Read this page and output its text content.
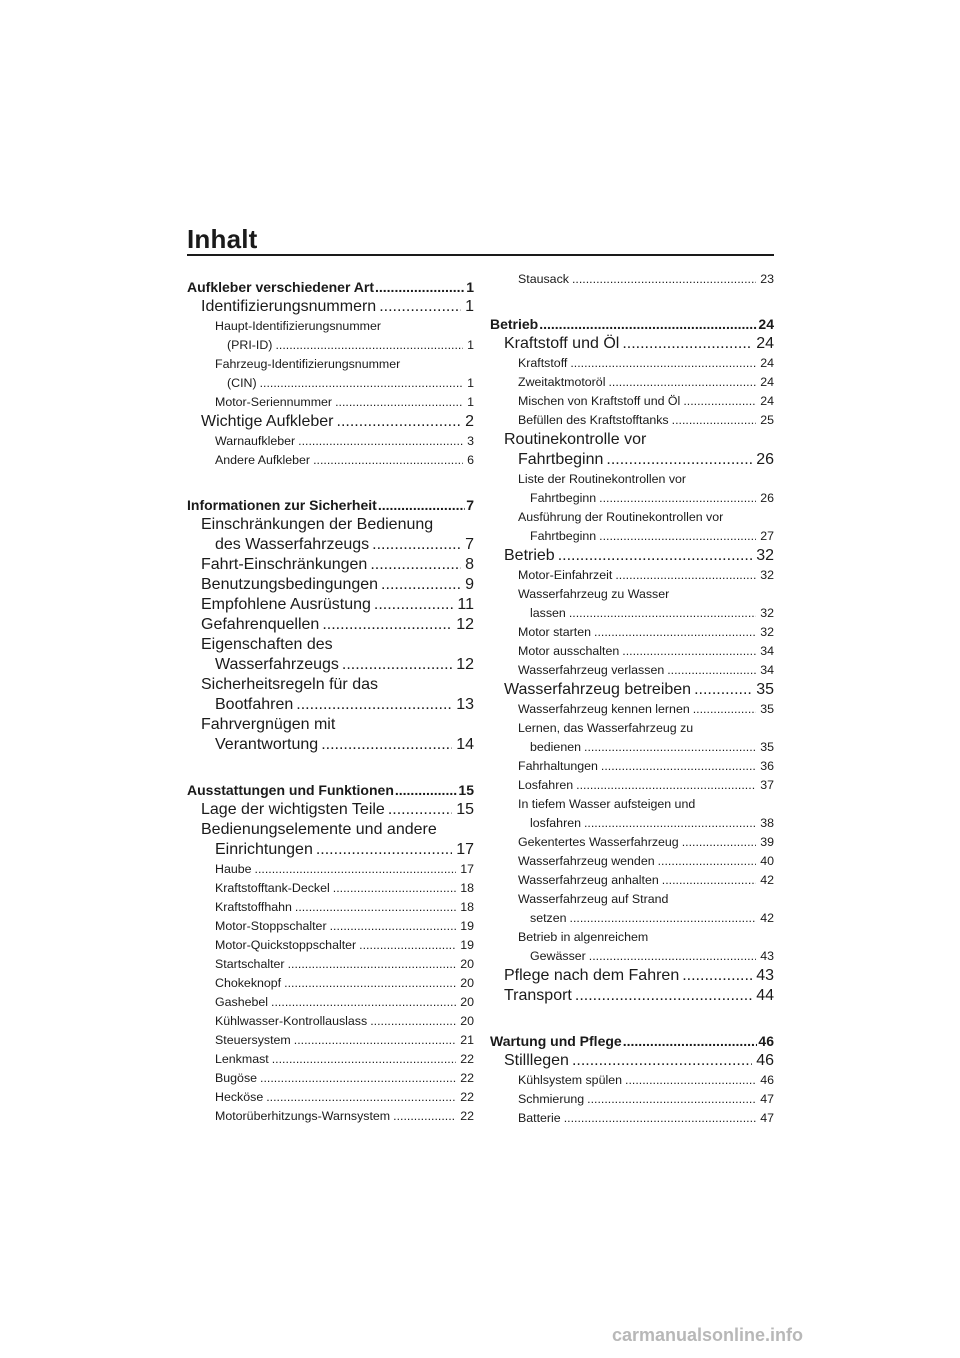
Inhalt
Aufkleber verschiedener Art .....	1
Identifizierungsnummern .....	1
Haupt-Identifizierungsnummer
(PRI-ID) .....	1
Fahrzeug-Identifizierungsnummer
(CIN) .....	1
Motor-Seriennummer .....	1
Wichtige Aufkleber .....	2
Warnaufkleber .....	3
Andere Aufkleber .....	6
Informationen zur Sicherheit .....	7
Einschränkungen der Bedienung
des Wasserfahrzeugs .....	7
Fahrt-Einschränkungen .....	8
Benutzungsbedingungen .....	9
Empfohlene Ausrüstung .....	11
Gefahrenquellen .....	12
Eigenschaften des
Wasserfahrzeugs .....	12
Sicherheitsregeln für das
Bootfahren .....	13
Fahrvergnügen mit
Verantwortung .....	14
Ausstattungen und Funktionen .....	15
Lage der wichtigsten Teile .....	15
Bedienungselemente und andere
Einrichtungen .....	17
Haube .....	17
Kraftstofftank-Deckel .....	18
Kraftstoffhahn .....	18
Motor-Stoppschalter .....	19
Motor-Quickstoppschalter .....	19
Startschalter .....	20
Chokeknopf .....	20
Gashebel .....	20
Kühlwasser-Kontrollauslass .....	20
Steuersystem .....	21
Lenkmast .....	22
Bugöse .....	22
Hecköse .....	22
Motorüberhitzungs-Warnsystem .....	22
Stausack .....	23
Betrieb .....	24
Kraftstoff und Öl .....	24
Kraftstoff .....	24
Zweitaktmotoröl .....	24
Mischen von Kraftstoff und Öl .....	24
Befüllen des Kraftstofftanks .....	25
Routinekontrolle vor
Fahrtbeginn .....	26
Liste der Routinekontrollen vor
Fahrtbeginn .....	26
Ausführung der Routinekontrollen vor
Fahrtbeginn .....	27
Betrieb .....	32
Motor-Einfahrzeit .....	32
Wasserfahrzeug zu Wasser
lassen .....	32
Motor starten .....	32
Motor ausschalten .....	34
Wasserfahrzeug verlassen .....	34
Wasserfahrzeug betreiben .....	35
Wasserfahrzeug kennen lernen .....	35
Lernen, das Wasserfahrzeug zu
bedienen .....	35
Fahrhaltungen .....	36
Losfahren .....	37
In tiefem Wasser aufsteigen und
losfahren .....	38
Gekentertes Wasserfahrzeug .....	39
Wasserfahrzeug wenden .....	40
Wasserfahrzeug anhalten .....	42
Wasserfahrzeug auf Strand
setzen .....	42
Betrieb in algenreichem
Gewässer .....	43
Pflege nach dem Fahren .....	43
Transport .....	44
Wartung und Pflege .....	46
Stilllegen .....	46
Kühlsystem spülen .....	46
Schmierung .....	47
Batterie .....	47
carmanualsonline.info
